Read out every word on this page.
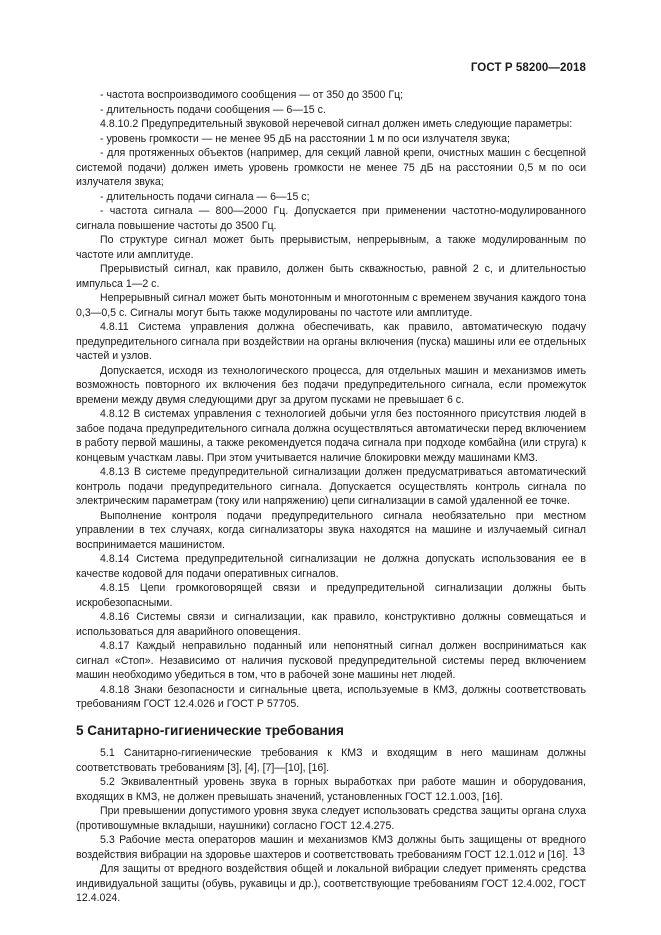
ГОСТ Р 58200—2018

- частота воспроизводимого сообщения — от 350 до 3500 Гц;

- длительность подачи сообщения — 6—15 с.

4.8.10.2 Предупредительный звуковой неречевой сигнал должен иметь следующие параметры:

- уровень громкости — не менее 95 дБ на расстоянии 1 м по оси излучателя звука;

- для протяженных объектов (например, для секций лавной крепи, очистных машин с бесцепной системой подачи) должен иметь уровень громкости не менее 75 дБ на расстоянии 0,5 м по оси излучателя звука;

- длительность подачи сигнала — 6—15 с;

- частота сигнала — 800—2000 Гц. Допускается при применении частотно-модулированного сигнала повышение частоты до 3500 Гц.

По структуре сигнал может быть прерывистым, непрерывным, а также модулированным по частоте или амплитуде.

Прерывистый сигнал, как правило, должен быть скважностью, равной 2 с, и длительностью импульса 1—2 с.

Непрерывный сигнал может быть монотонным и многотонным с временем звучания каждого тона 0,3—0,5 с. Сигналы могут быть также модулированы по частоте или амплитуде.

4.8.11 Система управления должна обеспечивать, как правило, автоматическую подачу предупредительного сигнала при воздействии на органы включения (пуска) машины или ее отдельных частей и узлов.

Допускается, исходя из технологического процесса, для отдельных машин и механизмов иметь возможность повторного их включения без подачи предупредительного сигнала, если промежуток времени между двумя следующими друг за другом пусками не превышает 6 с.

4.8.12 В системах управления с технологией добычи угля без постоянного присутствия людей в забое подача предупредительного сигнала должна осуществляться автоматически перед включением в работу первой машины, а также рекомендуется подача сигнала при подходе комбайна (или струга) к концевым участкам лавы. При этом учитывается наличие блокировки между машинами КМЗ.

4.8.13 В системе предупредительной сигнализации должен предусматриваться автоматический контроль подачи предупредительного сигнала. Допускается осуществлять контроль сигнала по электрическим параметрам (току или напряжению) цепи сигнализации в самой удаленной ее точке.

Выполнение контроля подачи предупредительного сигнала необязательно при местном управлении в тех случаях, когда сигнализаторы звука находятся на машине и излучаемый сигнал воспринимается машинистом.

4.8.14 Система предупредительной сигнализации не должна допускать использования ее в качестве кодовой для подачи оперативных сигналов.

4.8.15 Цепи громкоговорящей связи и предупредительной сигнализации должны быть искробезопасными.

4.8.16 Системы связи и сигнализации, как правило, конструктивно должны совмещаться и использоваться для аварийного оповещения.

4.8.17 Каждый неправильно поданный или непонятный сигнал должен восприниматься как сигнал «Стоп». Независимо от наличия пусковой предупредительной системы перед включением машин необходимо убедиться в том, что в рабочей зоне машины нет людей.

4.8.18 Знаки безопасности и сигнальные цвета, используемые в КМЗ, должны соответствовать требованиям ГОСТ 12.4.026 и ГОСТ Р 57705.

5 Санитарно-гигиенические требования

5.1 Санитарно-гигиенические требования к КМЗ и входящим в него машинам должны соответствовать требованиям [3], [4], [7]—[10], [16].

5.2 Эквивалентный уровень звука в горных выработках при работе машин и оборудования, входящих в КМЗ, не должен превышать значений, установленных ГОСТ 12.1.003, [16].

При превышении допустимого уровня звука следует использовать средства защиты органа слуха (противошумные вкладыши, наушники) согласно ГОСТ 12.4.275.

5.3 Рабочие места операторов машин и механизмов КМЗ должны быть защищены от вредного воздействия вибрации на здоровье шахтеров и соответствовать требованиям ГОСТ 12.1.012 и [16].

Для защиты от вредного воздействия общей и локальной вибрации следует применять средства индивидуальной защиты (обувь, рукавицы и др.), соответствующие требованиям ГОСТ 12.4.002, ГОСТ 12.4.024.

13
